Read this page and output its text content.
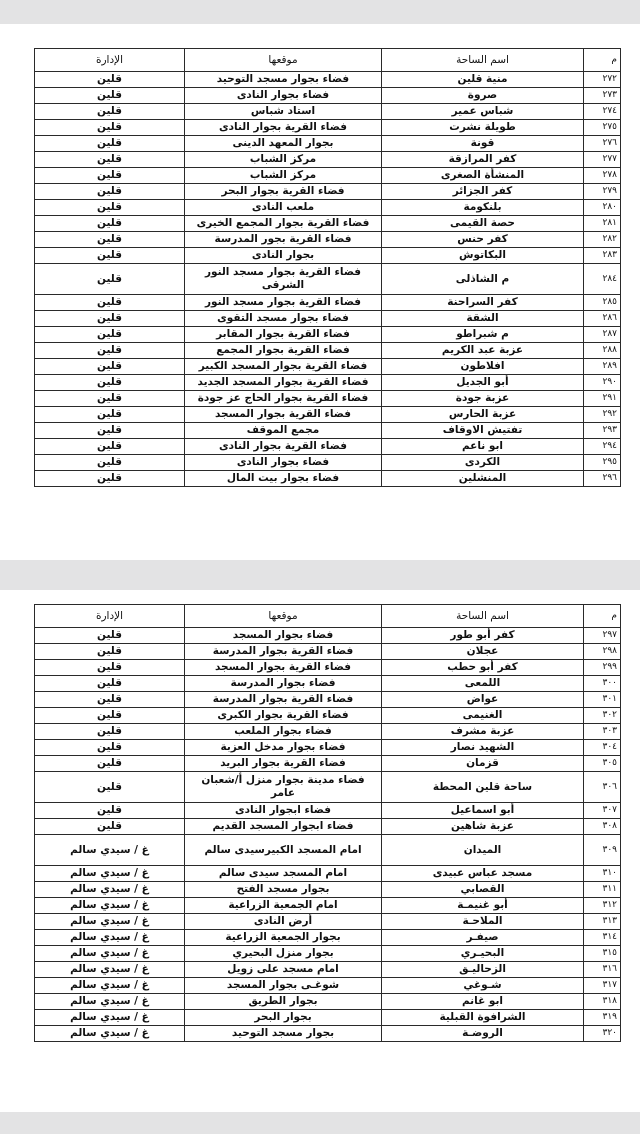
م	اسم الساحة	موقعها	الإدارة
٢٧٢	منية قلين	فضاء بجوار مسجد التوحيد	قلين
٢٧٣	صروة	فضاء بجوار النادى	قلين
٢٧٤	شباس عمير	استاد شباس	قلين
٢٧٥	طويلة نشرت	فضاء القرية بجوار النادى	قلين
٢٧٦	قونة	بجوار المعهد الدينى	قلين
٢٧٧	كفر المرازقة	مركز الشباب	قلين
٢٧٨	المنشأة الصغرى	مركز الشباب	قلين
٢٧٩	كفر الجزائر	فضاء القرية بجوار البحر	قلين
٢٨٠	بلنكومة	ملعب النادى	قلين
٢٨١	حصة القيمى	فضاء القرية بجوار المجمع الخيرى	قلين
٢٨٢	كفر حنس	فضاء القرية بجور المدرسة	قلين
٢٨٣	البكاتوش	بجوار النادى	قلين
٢٨٤	م الشاذلى	فضاء القرية بجوار مسجد النور الشرقى	قلين
٢٨٥	كفر السراحنة	فضاء القرية بجوار مسجد النور	قلين
٢٨٦	الشقة	فضاء بجوار مسجد التقوى	قلين
٢٨٧	م شبراطو	فضاء القرية بجوار المقابر	قلين
٢٨٨	عزبة عبد الكريم	فضاء القرية بجوار المجمع	قلين
٢٨٩	افلاطون	فضاء القرية بجوار المسجد الكبير	قلين
٢٩٠	أبو الجديل	فضاء القرية بجوار المسجد الجديد	قلين
٢٩١	عزبة جودة	فضاء القرية بجوار الحاج عز جودة	قلين
٢٩٢	عزبة الحارس	فضاء القرية بجوار المسجد	قلين
٢٩٣	تفتيش الاوقاف	مجمع الموقف	قلين
٢٩٤	ابو ناعم	فضاء القرية بجوار النادى	قلين
٢٩٥	الكردى	فضاء بجوار النادى	قلين
٢٩٦	المنشلين	فضاء بجوار بيت المال	قلين
م	اسم الساحة	موقعها	الإدارة
٢٩٧	كفر أبو طور	فضاء بجوار المسجد	قلين
٢٩٨	عجلان	فضاء القرية بجوار المدرسة	قلين
٢٩٩	كفر أبو حطب	فضاء القرية بجوار المسجد	قلين
٣٠٠	اللمعى	فضاء بجوار المدرسة	قلين
٣٠١	عواض	فضاء القرية بجوار المدرسة	قلين
٣٠٢	الغنيمى	فضاء القرية بجوار الكبرى	قلين
٣٠٣	عزبة مشرف	فضاء بجوار الملعب	قلين
٣٠٤	الشهيد نصار	فضاء بجوار مدخل العزبة	قلين
٣٠٥	قزمان	فضاء القرية بجوار البريد	قلين
٣٠٦	ساحة قلين المحطة	فضاء مدينة بجوار منزل أ/شعبان عامر	قلين
٣٠٧	أبو اسماعيل	فضاء ابجوار النادى	قلين
٣٠٨	عزبة شاهين	فضاء ابجوار المسجد القديم	قلين
٣٠٩	الميدان	امام المسجد الكبيرسيدى سالم	غ / سيدي سالم
٣١٠	مسجد عباس عبيدى	امام المسجد سيدى سالم	غ / سيدي سالم
٣١١	القصابي	بجوار مسجد الفتح	غ / سيدي سالم
٣١٢	أبو غنيمـة	امام الجمعية الزراعية	غ / سيدي سالم
٣١٣	الملاحـة	أرض النادى	غ / سيدي سالم
٣١٤	صيفـر	بجوار الجمعية الزراعية	غ / سيدي سالم
٣١٥	البحيـري	بجوار منزل البحيري	غ / سيدي سالم
٣١٦	الزحاليـق	امام مسجد على زويل	غ / سيدي سالم
٣١٧	شـوغي	شوغـى بجوار المسجد	غ / سيدي سالم
٣١٨	ابو غانم	بجوار الطريق	غ / سيدي سالم
٣١٩	الشرافوة القبلية	بجوار البحر	غ / سيدي سالم
٣٢٠	الروضـة	بجوار مسجد التوحيد	غ / سيدي سالم
